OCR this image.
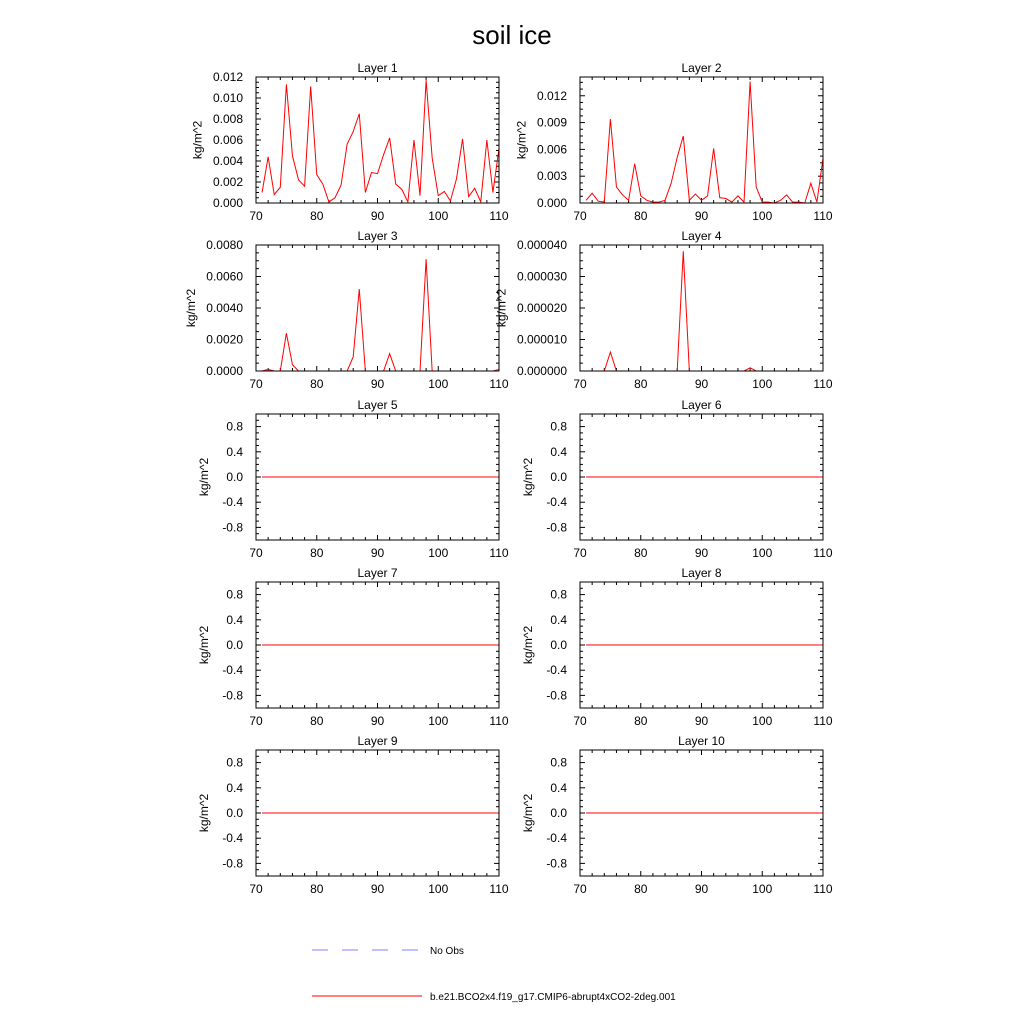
soil ice
Layer 1
70	80	90	100	110
0.000
0.002
0.004
0.006
0.008
0.010
0.012
kg/m^2
Layer 2
70	80	90	100	110
0.000
0.003
0.006
0.009
0.012
kg/m^2
Layer 3
70	80	90	100	110
0.0000
0.0020
0.0040
0.0060
0.0080
kg/m^2
Layer 4
70	80	90	100	110
0.000000
0.000010
0.000020
0.000030
0.000040
kg/m^2
Layer 5
70	80	90	100	110
-0.8
-0.4
0.0
0.4
0.8
kg/m^2
Layer 6
70	80	90	100	110
-0.8
-0.4
0.0
0.4
0.8
kg/m^2
Layer 7
70	80	90	100	110
-0.8
-0.4
0.0
0.4
0.8
kg/m^2
Layer 8
70	80	90	100	110
-0.8
-0.4
0.0
0.4
0.8
kg/m^2
Layer 9
70	80	90	100	110
-0.8
-0.4
0.0
0.4
0.8
kg/m^2
Layer 10
70	80	90	100	110
-0.8
-0.4
0.0
0.4
0.8
kg/m^2
No Obs
b.e21.BCO2x4.f19_g17.CMIP6-abrupt4xCO2-2deg.001
